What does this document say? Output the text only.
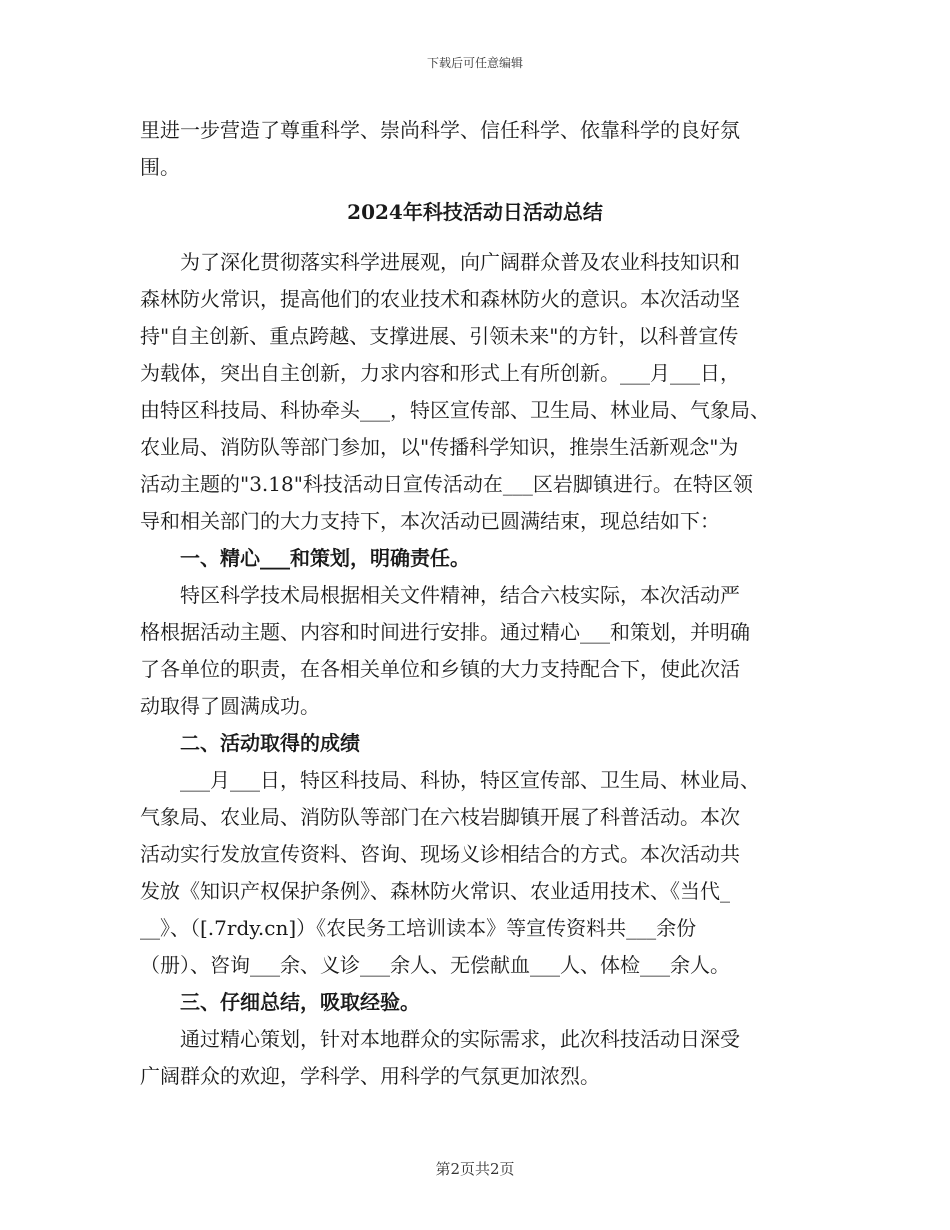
下载后可任意编辑

里进一步营造了尊重科学、崇尚科学、信任科学、依靠科学的良好氛

围。

2024年科技活动日活动总结

　　为了深化贯彻落实科学进展观，向广阔群众普及农业科技知识和

森林防火常识，提高他们的农业技术和森林防火的意识。本次活动坚

持"自主创新、重点跨越、支撑进展、引领未来"的方针，以科普宣传

为载体，突出自主创新，力求内容和形式上有所创新。___月___日，

由特区科技局、科协牵头___，特区宣传部、卫生局、林业局、气象局、

农业局、消防队等部门参加，以"传播科学知识，推崇生活新观念"为

活动主题的"3.18"科技活动日宣传活动在___区岩脚镇进行。在特区领

导和相关部门的大力支持下，本次活动已圆满结束，现总结如下：

　　一、精心___和策划，明确责任。

　　特区科学技术局根据相关文件精神，结合六枝实际，本次活动严

格根据活动主题、内容和时间进行安排。通过精心___和策划，并明确

了各单位的职责，在各相关单位和乡镇的大力支持配合下，使此次活

动取得了圆满成功。

　　二、活动取得的成绩

　　___月___日，特区科技局、科协，特区宣传部、卫生局、林业局、

气象局、农业局、消防队等部门在六枝岩脚镇开展了科普活动。本次

活动实行发放宣传资料、咨询、现场义诊相结合的方式。本次活动共

发放《知识产权保护条例》、森林防火常识、农业适用技术、《当代_

__》、（[.7rdy.cn]）《农民务工培训读本》等宣传资料共___余份

（册）、咨询___余、义诊___余人、无偿献血___人、体检___余人。

　　三、仔细总结，吸取经验。

　　通过精心策划，针对本地群众的实际需求，此次科技活动日深受

广阔群众的欢迎，学科学、用科学的气氛更加浓烈。

第2页共2页
